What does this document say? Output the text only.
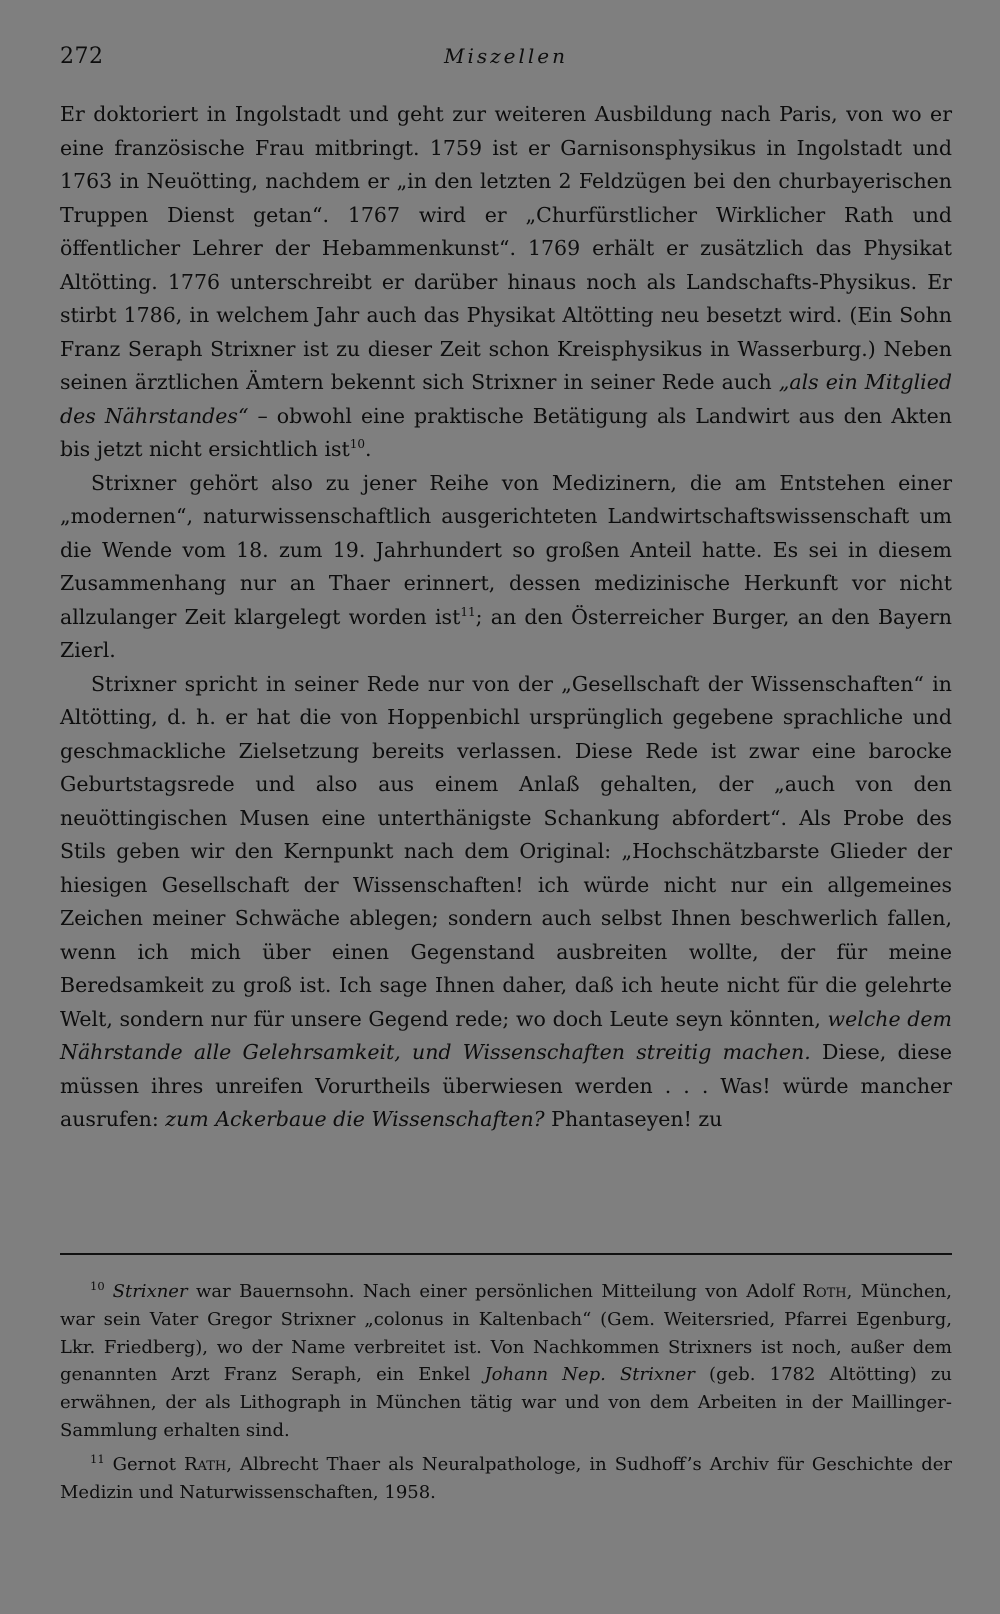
272	Miszellen

Er doktoriert in Ingolstadt und geht zur weiteren Ausbildung nach Paris, von wo er eine französische Frau mitbringt. 1759 ist er Garnisonsphysikus in Ingolstadt und 1763 in Neuötting, nachdem er „in den letzten 2 Feldzügen bei den churbayerischen Truppen Dienst getan“. 1767 wird er „Churfürstlicher Wirklicher Rath und öffentlicher Lehrer der Hebammenkunst“. 1769 erhält er zusätzlich das Physikat Altötting. 1776 unterschreibt er darüber hinaus noch als Landschafts-Physikus. Er stirbt 1786, in welchem Jahr auch das Physikat Altötting neu besetzt wird. (Ein Sohn Franz Seraph Strixner ist zu dieser Zeit schon Kreisphysikus in Wasserburg.) Neben seinen ärztlichen Ämtern bekennt sich Strixner in seiner Rede auch „als ein Mitglied des Nährstandes“ – obwohl eine praktische Betätigung als Landwirt aus den Akten bis jetzt nicht ersichtlich ist$^{10}$.

Strixner gehört also zu jener Reihe von Medizinern, die am Entstehen einer „modernen“, naturwissenschaftlich ausgerichteten Landwirtschaftswissenschaft um die Wende vom 18. zum 19. Jahrhundert so großen Anteil hatte. Es sei in diesem Zusammenhang nur an Thaer erinnert, dessen medizinische Herkunft vor nicht allzulanger Zeit klargelegt worden ist$^{11}$; an den Österreicher Burger, an den Bayern Zierl.

Strixner spricht in seiner Rede nur von der „Gesellschaft der Wissenschaften“ in Altötting, d. h. er hat die von Hoppenbichl ursprünglich gegebene sprachliche und geschmackliche Zielsetzung bereits verlassen. Diese Rede ist zwar eine barocke Geburtstagsrede und also aus einem Anlaß gehalten, der „auch von den neuöttingischen Musen eine unterthänigste Schankung abfordert“. Als Probe des Stils geben wir den Kernpunkt nach dem Original: „Hochschätzbarste Glieder der hiesigen Gesellschaft der Wissenschaften! ich würde nicht nur ein allgemeines Zeichen meiner Schwäche ablegen; sondern auch selbst Ihnen beschwerlich fallen, wenn ich mich über einen Gegenstand ausbreiten wollte, der für meine Beredsamkeit zu groß ist. Ich sage Ihnen daher, daß ich heute nicht für die gelehrte Welt, sondern nur für unsere Gegend rede; wo doch Leute seyn könnten, welche dem Nährstande alle Gelehrsamkeit, und Wissenschaften streitig machen. Diese, diese müssen ihres unreifen Vorurtheils überwiesen werden . . . Was! würde mancher ausrufen: zum Ackerbaue die Wissenschaften? Phantaseyen! zu

$^{10}$ Strixner war Bauernsohn. Nach einer persönlichen Mitteilung von Adolf Roth, München, war sein Vater Gregor Strixner „colonus in Kaltenbach“ (Gem. Weitersried, Pfarrei Egenburg, Lkr. Friedberg), wo der Name verbreitet ist. Von Nachkommen Strixners ist noch, außer dem genannten Arzt Franz Seraph, ein Enkel Johann Nep. Strixner (geb. 1782 Altötting) zu erwähnen, der als Lithograph in München tätig war und von dem Arbeiten in der Maillinger-Sammlung erhalten sind.

$^{11}$ Gernot Rath, Albrecht Thaer als Neuralpathologe, in Sudhoff’s Archiv für Geschichte der Medizin und Naturwissenschaften, 1958.
